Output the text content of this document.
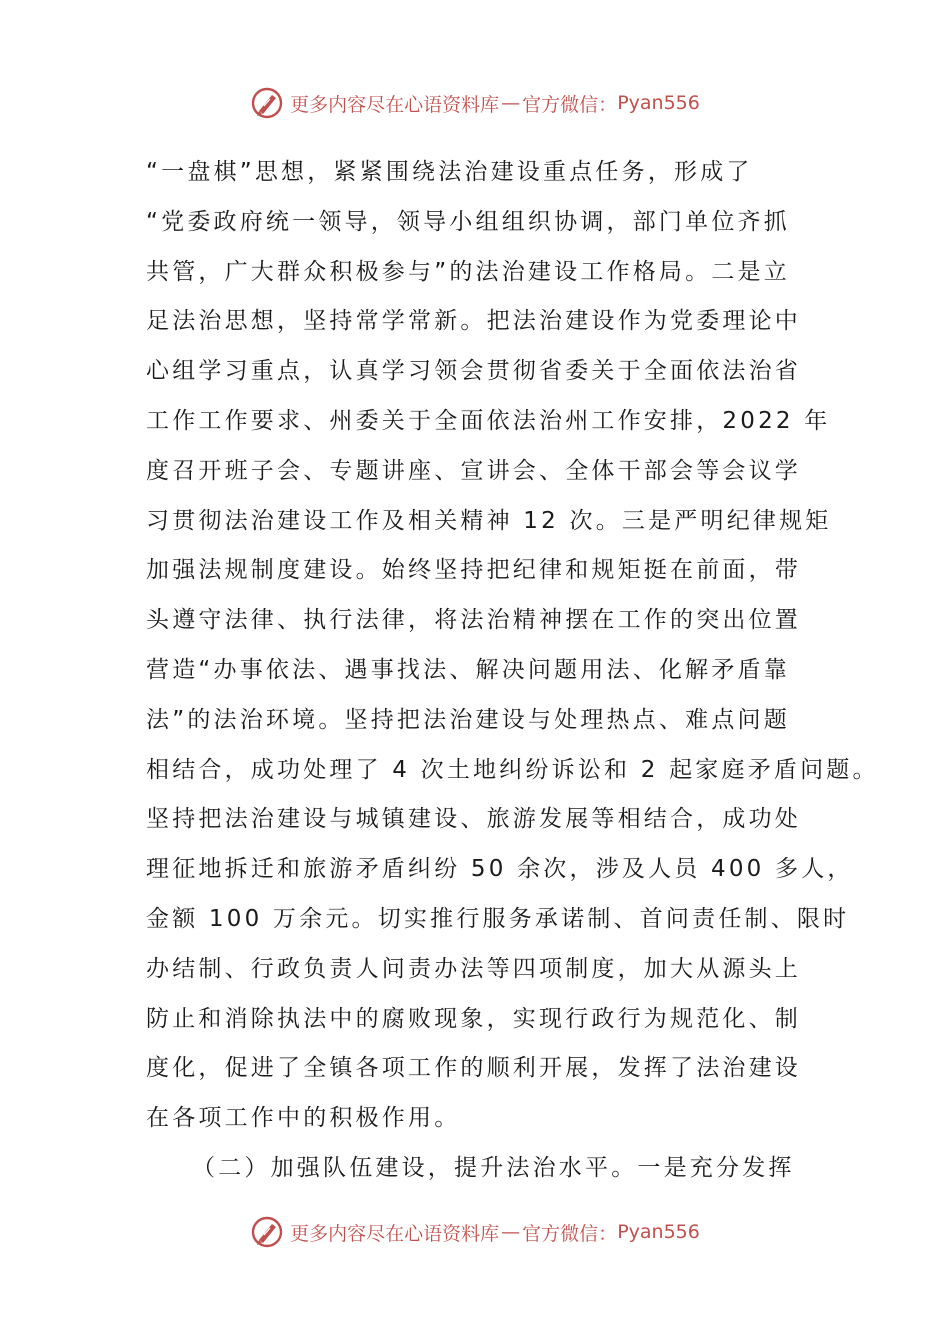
更多内容尽在心语资料库 — 官方微信： Pyan556
“一盘棋”思想，紧紧围绕法治建设重点任务，形成了
“党委政府统一领导，领导小组组织协调，部门单位齐抓
共管，广大群众积极参与”的法治建设工作格局。二是立
足法治思想，坚持常学常新。把法治建设作为党委理论中
心组学习重点，认真学习领会贯彻省委关于全面依法治省
工作工作要求、州委关于全面依法治州工作安排，2022 年
度召开班子会、专题讲座、宣讲会、全体干部会等会议学
习贯彻法治建设工作及相关精神 12 次。三是严明纪律规矩
加强法规制度建设。始终坚持把纪律和规矩挺在前面，带
头遵守法律、执行法律，将法治精神摆在工作的突出位置
营造“办事依法、遇事找法、解决问题用法、化解矛盾靠
法”的法治环境。坚持把法治建设与处理热点、难点问题
相结合，成功处理了 4 次土地纠纷诉讼和 2 起家庭矛盾问题。
坚持把法治建设与城镇建设、旅游发展等相结合，成功处
理征地拆迁和旅游矛盾纠纷 50 余次，涉及人员 400 多人，
金额 100 万余元。切实推行服务承诺制、首问责任制、限时
办结制、行政负责人问责办法等四项制度，加大从源头上
防止和消除执法中的腐败现象，实现行政行为规范化、制
度化，促进了全镇各项工作的顺利开展，发挥了法治建设
在各项工作中的积极作用。
（二）加强队伍建设，提升法治水平。一是充分发挥
更多内容尽在心语资料库 — 官方微信： Pyan556
